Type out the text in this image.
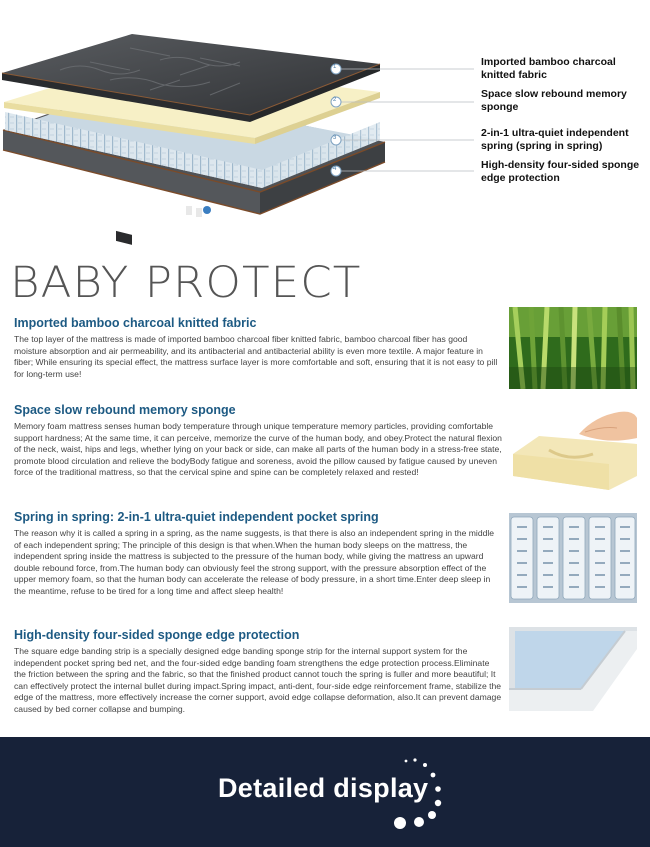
1
2
3
4
Imported bamboo charcoal knitted fabric
Space slow rebound memory sponge
2-in-1 ultra-quiet independent spring (spring in spring)
High-density four-sided sponge edge protection
BABY PROTECT
Imported bamboo charcoal knitted fabric

The top layer of the mattress is made of imported bamboo charcoal fiber knitted fabric, bamboo charcoal fiber has good moisture absorption and air permeability, and its antibacterial and antibacterial ability is even more textile. A major feature in fiber; While ensuring its special effect, the mattress surface layer is more comfortable and soft, ensuring that it is not easy to pill for long-term use!

Space slow rebound memory sponge

Memory foam mattress senses human body temperature through unique temperature memory particles, providing comfortable support hardness; At the same time, it can perceive, memorize the curve of the human body, and obey.Protect the natural flexion of the neck, waist, hips and legs, whether lying on your back or side, can make all parts of the human body in a stress-free state, promote blood circulation and relieve the bodyBody fatigue and soreness, avoid the pillow caused by fatigue caused by uneven force of the traditional mattress, so that the cervical spine and spine can be completely relaxed and rested!

Spring in spring: 2-in-1 ultra-quiet independent pocket spring

The reason why it is called a spring in a spring, as the name suggests, is that there is also an independent spring in the middle of each independent spring; The principle of this design is that when.When the human body sleeps on the mattress, the independent spring inside the mattress is subjected to the pressure of the human body, while giving the mattress an upward double rebound force, from.The human body can obviously feel the strong support, with the pressure absorption effect of the upper memory foam, so that the human body can accelerate the release of body pressure, in a short time.Enter deep sleep in the meantime, refuse to be tired for a long time and affect sleep health!

High-density four-sided sponge edge protection

The square edge banding strip is a specially designed edge banding sponge strip for the internal support system for the independent pocket spring bed net, and the four-sided edge banding foam strengthens the edge protection process.Eliminate the friction between the spring and the fabric, so that the finished product cannot touch the spring is fuller and more beautiful; It can effectively protect the internal bullet during impact.Spring impact, anti-dent, four-side edge reinforcement frame, stabilize the edge of the mattress, more effectively increase the corner support, avoid edge collapse deformation, also.It can prevent damage caused by bed corner collapse and bumping.

Detailed display
